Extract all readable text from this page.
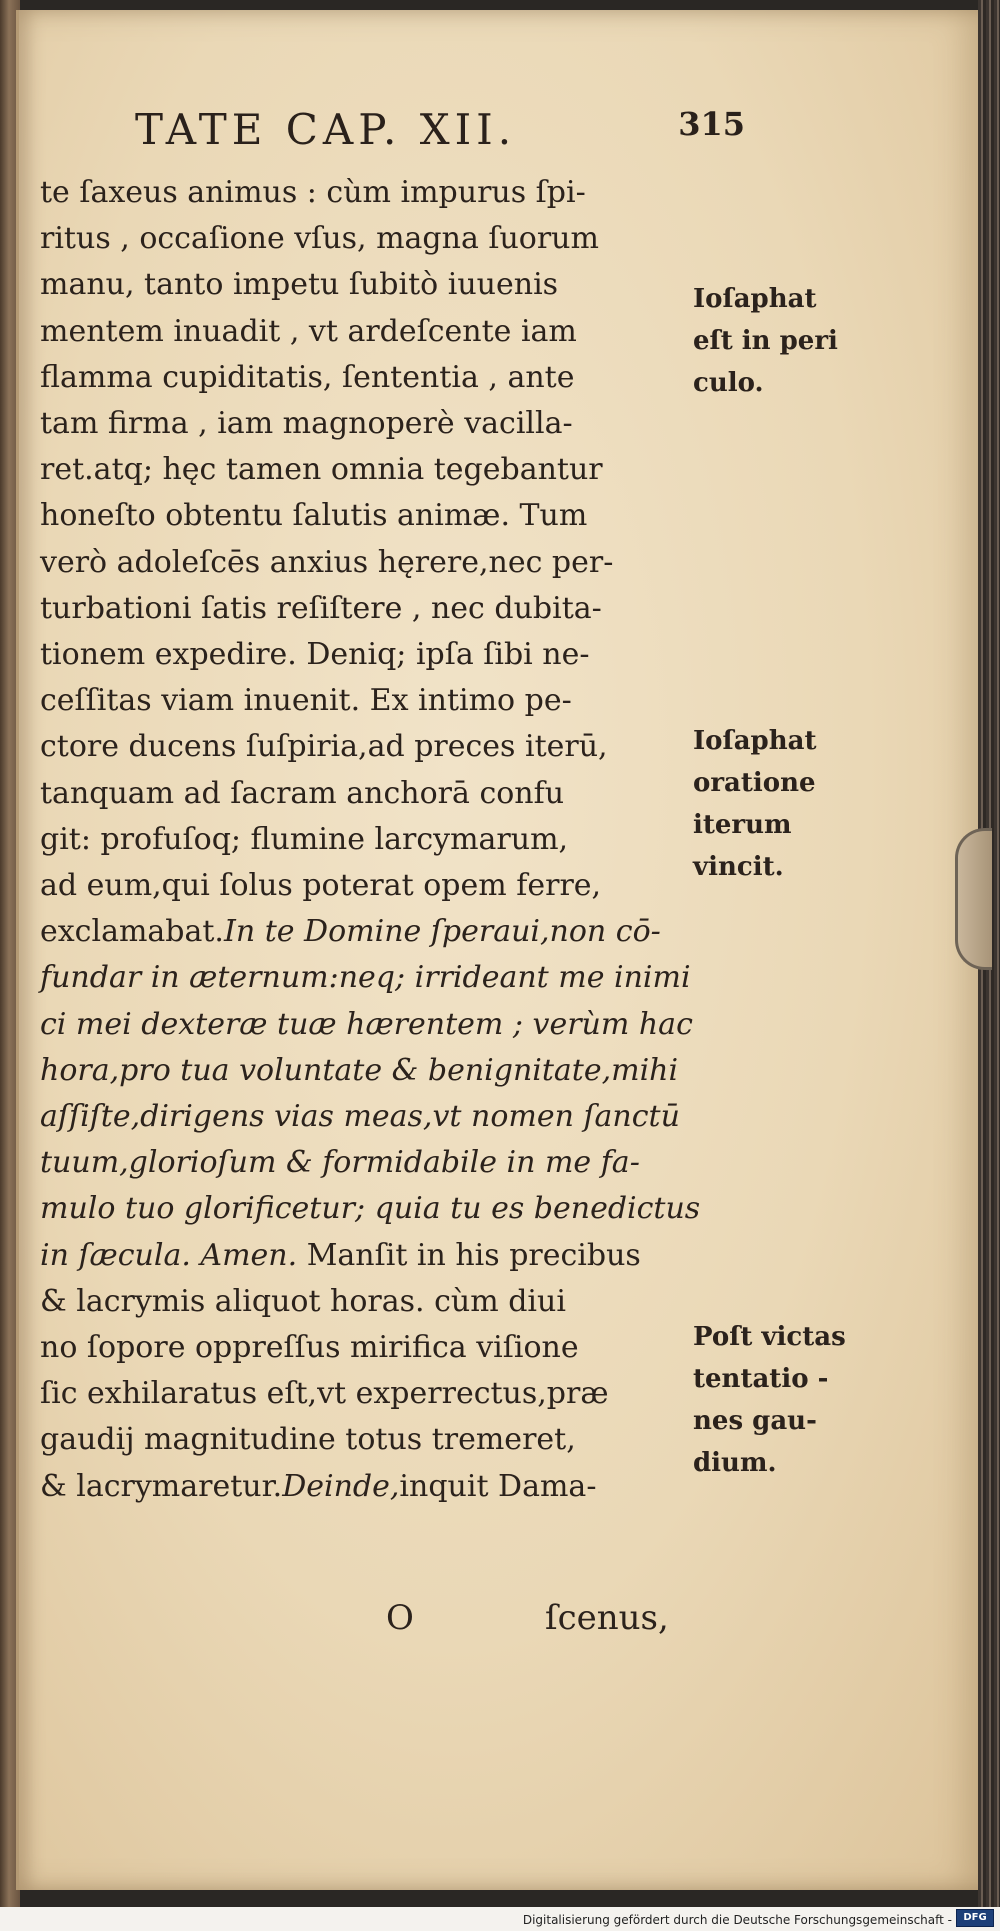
TATE CAP. XII.	315
te ſaxeus animus : cùm impurus ſpi-
ritus , occaſione vſus, magna ſuorum
manu, tanto impetu ſubitò iuuenis
mentem inuadit , vt ardeſcente iam
flamma cupiditatis, ſententia , ante
tam firma , iam magnoperè vacilla-
ret.atq; hęc tamen omnia tegebantur
honeſto obtentu ſalutis animæ. Tum
verò adoleſcēs anxius hęrere,nec per-
turbationi ſatis reſiſtere , nec dubita-
tionem expedire. Deniq; ipſa ſibi ne-
ceſſitas viam inuenit. Ex intimo pe-
ctore ducens ſuſpiria,ad preces iterū,
tanquam ad ſacram anchorā confu
git: profuſoq; flumine larcymarum,
ad eum,qui ſolus poterat opem ferre,
exclamabat.In te Domine ſperaui,non cō-
fundar in æternum:neq; irrideant me inimi
ci mei dexteræ tuæ hærentem ; verùm hac
hora,pro tua voluntate & benignitate,mihi
aſſiſte,dirigens vias meas,vt nomen ſanctū
tuum,glorioſum & formidabile in me fa-
mulo tuo glorificetur; quia tu es benedictus
in ſæcula. Amen. Manſit in his precibus
& lacrymis aliquot horas. cùm diui
no ſopore oppreſſus mirifica viſione
ſic exhilaratus eſt,vt experrectus,præ
gaudij magnitudine totus tremeret,
& lacrymaretur.Deinde,inquit Dama-
O	ſcenus,
Ioſaphat
eſt in peri
culo.
Ioſaphat
oratione
iterum
vincit.
Poſt victas
tentatio -
nes gau-
dium.
Digitalisierung gefördert durch die Deutsche Forschungsgemeinschaft -	DFG
